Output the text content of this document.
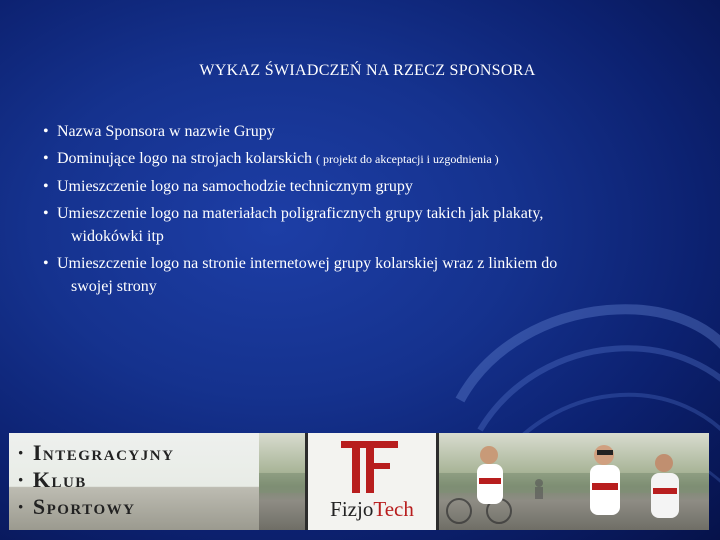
WYKAZ ŚWIADCZEŃ NA RZECZ SPONSORA
• Nazwa Sponsora w nazwie Grupy
• Dominujące logo na strojach kolarskich ( projekt do akceptacji i uzgodnienia )
• Umieszczenie logo na samochodzie technicznym grupy
• Umieszczenie logo na materiałach poligraficznych grupy takich jak plakaty,
widokówki itp
• Umieszczenie logo na stronie internetowej grupy kolarskiej wraz z linkiem do
swojej strony
· Integracyjny
· Klub
· Sportowy	FizjoTech
